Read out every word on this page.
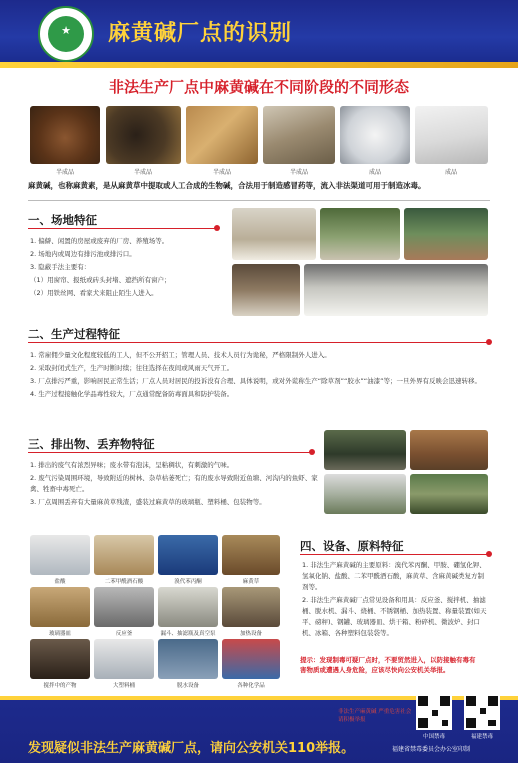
★	麻黄碱厂点的识别
非法生产厂点中麻黄碱在不同阶段的不同形态
半成品	半成品	半成品	半成品	成品	成品
麻黄碱，也称麻黄素，是从麻黄草中提取或人工合成的生物碱，合法用于制造感冒药等，流入非法渠道可用于制造冰毒。
一、场地特征

1. 偏僻、闲置的房屋或废弃的厂房、养殖场等。

2. 场地内或周边有排污池或排污口。

3. 隐蔽手法主要有：

（1）用窗帘、报纸或砖头封堵、遮挡所有窗户；

（2）用铁丝网、看家犬来阻止陌生人进入。

二、生产过程特征

1. 常雇佣少量文化程度较低的工人，但不公开招工；管理人员、技术人员行为诡秘，严格限制外人进入。

2. 采取封闭式生产，生产时断时续；往往选择在夜间或风雨天气开工。

3. 厂点排污严重，影响居民正常生活；厂点人员对居民的投诉没有合理、具体说明，或对外谎称生产“除草剂”“胶水”“油漆”等；一旦外界有反映会迅速转移。

4. 生产过程接触化学品毒性较大，厂点通常配备防毒面具和防护装备。

三、排出物、丢弃物特征

1. 排出的废气有浓烈异味；废水带有泡沫，呈粘稠状，有刺激的气味。

2. 废气污染周围环境，导致附近的树林、杂草枯萎死亡；有的废水导致附近鱼塘、河沟内的鱼虾、家禽、牲畜中毒死亡。

3. 厂点周围丢弃有大量麻黄草残渣，盛装过麻黄草的玻璃瓶、塑料桶、包装物等。

盐酸	二苯甲酰酒石酸	溴代苯丙酮	麻黄草
玻璃器皿	反应釜	漏斗、抽滤瓶及真空泵	加热设备
搅拌中的产物	大塑料桶	脱水设备	各种化学品
四、设备、原料特征

1. 非法生产麻黄碱的主要原料：溴代苯丙酮、甲胺、硼氢化钾、氢氧化钠、盐酸、二苯甲酰酒石酸，麻黄草、含麻黄碱类复方制剂等。

2. 非法生产麻黄碱厂点常见设备和用具：反应釜、搅拌机、抽滤桶、脱水机、漏斗、烧桶、不锈钢桶、加热装置、称量装置(如天平、磅秤)、钢罐、玻璃器皿、烘干箱、粉碎机、微波炉、封口机、冰箱、各种塑料包装袋等。

提示：发现制毒可疑厂点时，不要贸然进入，以防接触有毒有害物质或遭遇人身危险，应该尽快向公安机关举报。
中国禁毒	福建禁毒
非法生产麻黄碱 严重危害社会 请积极举报
发现疑似非法生产麻黄碱厂点，请向公安机关110举报。	福建省禁毒委员会办公室印制
